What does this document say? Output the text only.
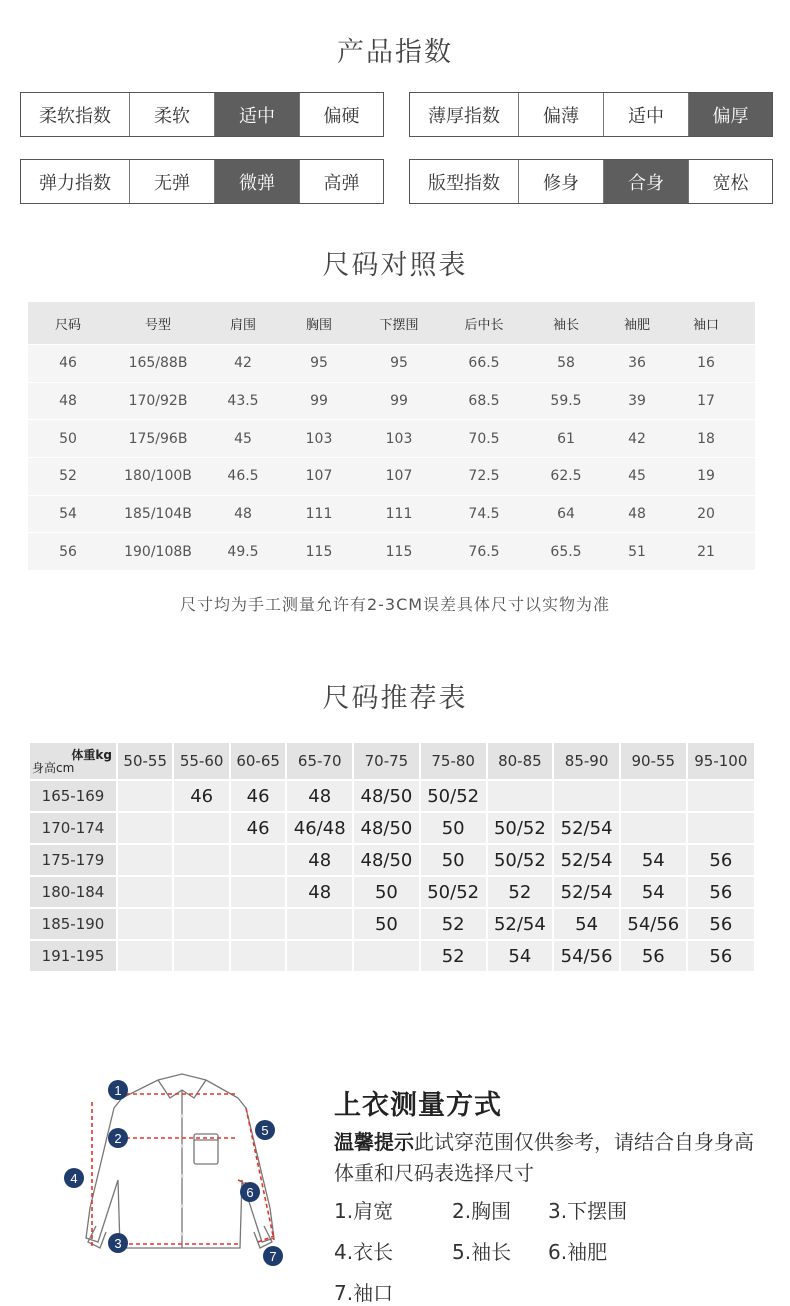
产品指数
柔软指数	柔软	适中	偏硬	薄厚指数	偏薄	适中	偏厚
弹力指数	无弹	微弹	高弹	版型指数	修身	合身	宽松
尺码对照表
尺码	号型	肩围	胸围	下摆围	后中长	袖长	袖肥	袖口
46	165/88B	42	95	95	66.5	58	36	16
48	170/92B	43.5	99	99	68.5	59.5	39	17
50	175/96B	45	103	103	70.5	61	42	18
52	180/100B	46.5	107	107	72.5	62.5	45	19
54	185/104B	48	111	111	74.5	64	48	20
56	190/108B	49.5	115	115	76.5	65.5	51	21
尺寸均为手工测量允许有2-3CM误差具体尺寸以实物为准
尺码推荐表
体重kg
身高cm	50-55	55-60	60-65	65-70	70-75	75-80	80-85	85-90	90-55	95-100
165-169		46	46	48	48/50	50/52				
170-174			46	46/48	48/50	50	50/52	52/54		
175-179				48	48/50	50	50/52	52/54	54	56
180-184				48	50	50/52	52	52/54	54	56
185-190					50	52	52/54	54	54/56	56
191-195						52	54	54/56	56	56
1
2
3
4
5
6
7
上衣测量方式
温馨提示此试穿范围仅供参考，请结合自身身高体重和尺码表选择尺寸
1.肩宽	2.胸围	3.下摆围
4.衣长	5.袖长	6.袖肥
7.袖口
